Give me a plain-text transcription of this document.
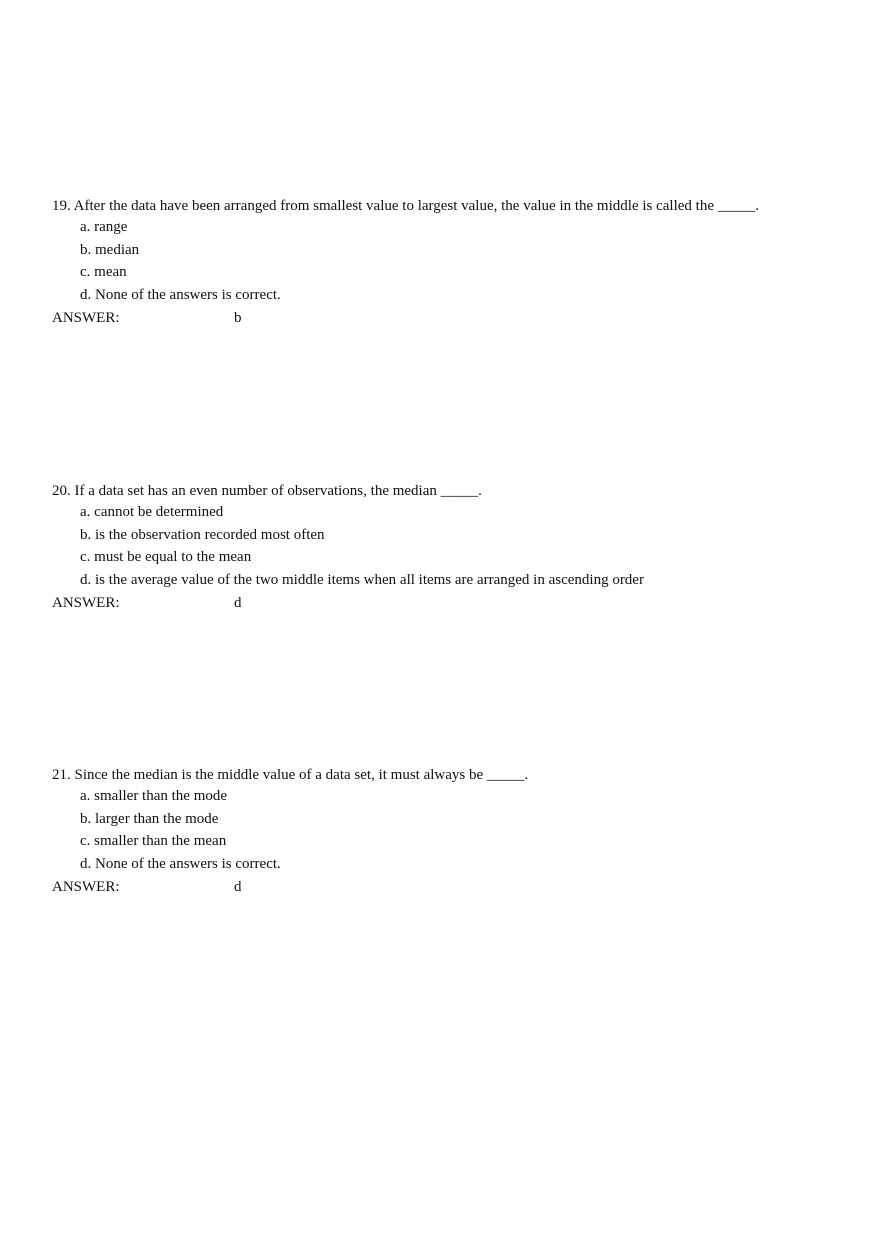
19. After the data have been arranged from smallest value to largest value, the value in the middle is called the _____.
a. range
b. median
c. mean
d. None of the answers is correct.
ANSWER:	b
20. If a data set has an even number of observations, the median _____.
a. cannot be determined
b. is the observation recorded most often
c. must be equal to the mean
d. is the average value of the two middle items when all items are arranged in ascending order
ANSWER:	d
21. Since the median is the middle value of a data set, it must always be _____.
a. smaller than the mode
b. larger than the mode
c. smaller than the mean
d. None of the answers is correct.
ANSWER:	d
